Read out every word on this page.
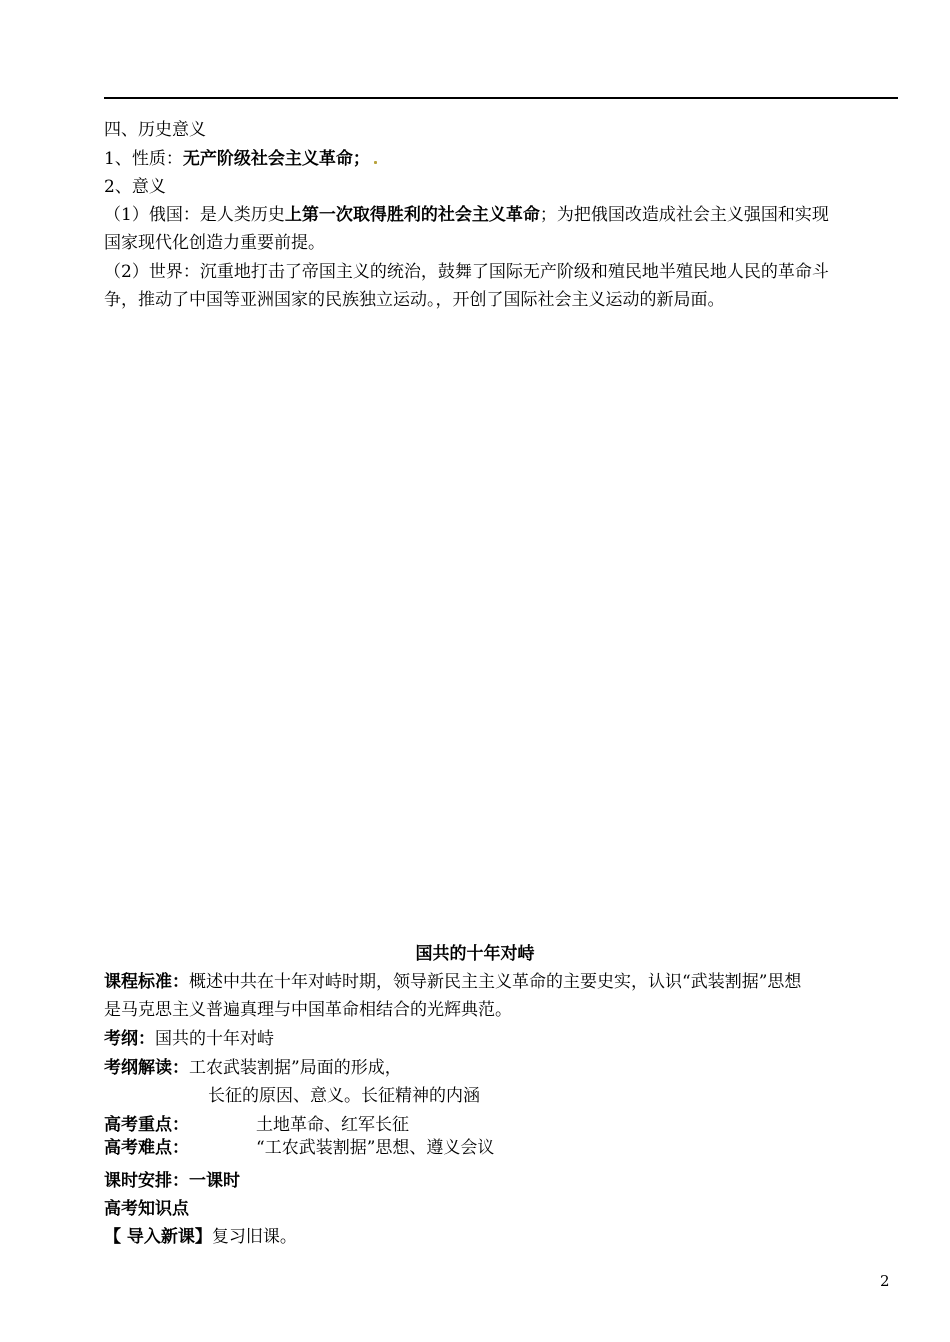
四、历史意义
1、性质：无产阶级社会主义革命；
2、意义
（1）俄国：是人类历史上第一次取得胜利的社会主义革命；为把俄国改造成社会主义强国和实现
国家现代化创造力重要前提。
（2）世界：沉重地打击了帝国主义的统治，鼓舞了国际无产阶级和殖民地半殖民地人民的革命斗
争，推动了中国等亚洲国家的民族独立运动。，开创了国际社会主义运动的新局面。
国共的十年对峙
课程标准：概述中共在十年对峙时期，领导新民主主义革命的主要史实，认识“武装割据”思想
是马克思主义普遍真理与中国革命相结合的光辉典范。
考纲：国共的十年对峙
考纲解读：工农武装割据”局面的形成，
长征的原因、意义。长征精神的内涵
高考重点：	土地革命、红军长征
高考难点：	“工农武装割据”思想、遵义会议
课时安排：一课时
高考知识点
【 导入新课】复习旧课。
2
